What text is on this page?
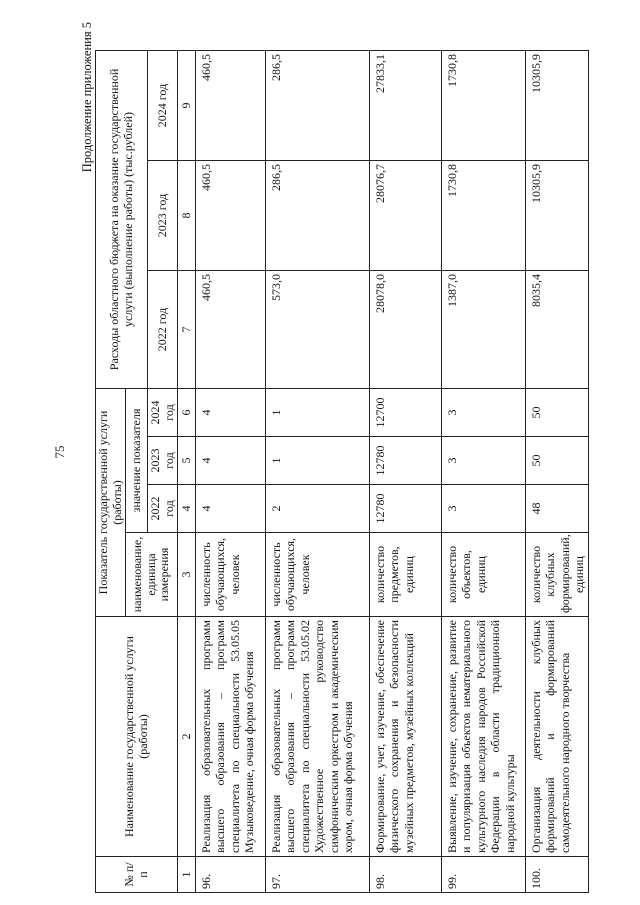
75
Продолжение приложения 5
№ п/п	Наименование государственной услуги (работы)	Показатель государственной услуги (работы)				Расходы областного бюджета на оказание государственной услуги (выполнение работы) (тыс.рублей)		
		наименование, единица измерения	значение показателя					
			2022 год	2023 год	2024 год	2022 год	2023 год	2024 год
1	2	3	4	5	6	7	8	9
96.	Реализация образовательных программ высшего образования – программ специалитета по специальности 53.05.05 Музыковедение, очная форма обучения	численность обучающихся, человек	4	4	4	460,5	460,5	460,5
97.	Реализация образовательных программ высшего образования – программ специалитета по специальности 53.05.02 Художественное руководство симфоническим оркестром и академическим хором, очная форма обучения	численность обучающихся, человек	2	1	1	573,0	286,5	286,5
98.	Формирование, учет, изучение, обеспечение физического сохранения и безопасности музейных предметов, музейных коллекций	количество предметов, единиц	12780	12780	12700	28078,0	28076,7	27833,1
99.	Выявление, изучение, сохранение, развитие и популяризация объектов нематериального культурного наследия народов Российской Федерации в области традиционной народной культуры	количество объектов, единиц	3	3	3	1387,0	1730,8	1730,8
100.	Организация деятельности клубных формирований и формирований самодеятельного народного творчества	количество клубных формирований, единиц	48	50	50	8035,4	10305,9	10305,9
